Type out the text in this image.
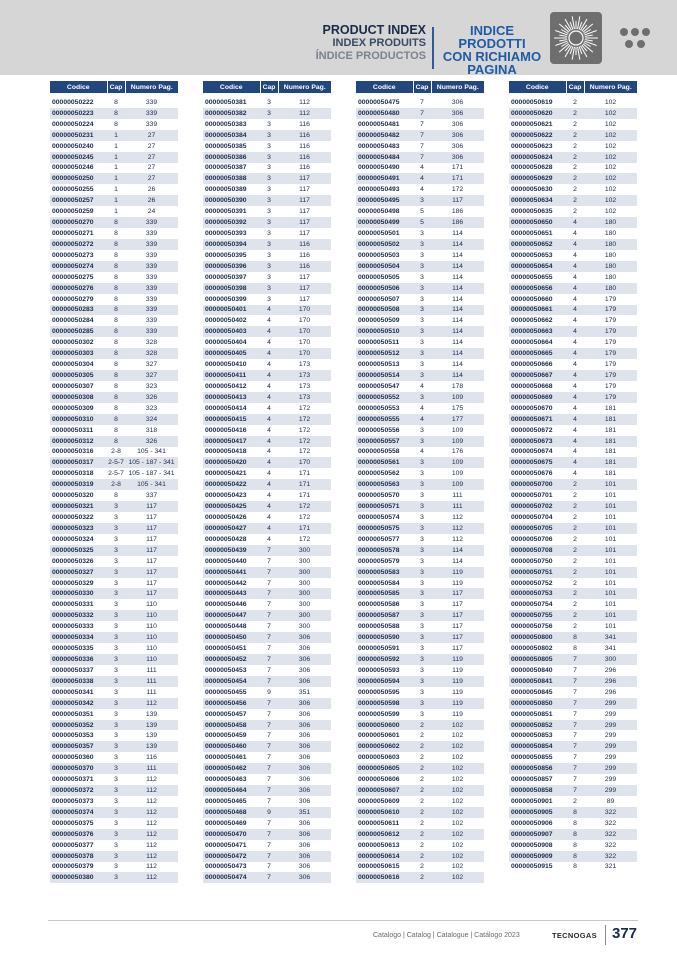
PRODUCT INDEX
INDEX PRODUITS
ÍNDICE PRODUCTOS
INDICE PRODOTTI
CON RICHIAMO
PAGINA
Codice	Cap	Numero Pag.

00000050222	8	339
00000050223	8	339
00000050224	8	339
00000050231	1	27
00000050240	1	27
00000050245	1	27
00000050246	1	27
00000050250	1	27
00000050255	1	26
00000050257	1	26
00000050259	1	24
00000050270	8	339
00000050271	8	339
00000050272	8	339
00000050273	8	339
00000050274	8	339
00000050275	8	339
00000050276	8	339
00000050279	8	339
00000050283	8	339
00000050284	8	339
00000050285	8	339
00000050302	8	328
00000050303	8	328
00000050304	8	327
00000050305	8	327
00000050307	8	323
00000050308	8	326
00000050309	8	323
00000050310	8	324
00000050311	8	318
00000050312	8	326
00000050316	2-8	105 - 341
00000050317	2-5-7	105 - 187 - 341
00000050318	2-5-7	105 - 187 - 341
00000050319	2-8	105 - 341
00000050320	8	337
00000050321	3	117
00000050322	3	117
00000050323	3	117
00000050324	3	117
00000050325	3	117
00000050326	3	117
00000050327	3	117
00000050329	3	117
00000050330	3	117
00000050331	3	110
00000050332	3	110
00000050333	3	110
00000050334	3	110
00000050335	3	110
00000050336	3	110
00000050337	3	111
00000050338	3	111
00000050341	3	111
00000050342	3	112
00000050351	3	139
00000050352	3	139
00000050353	3	139
00000050357	3	139
00000050360	3	116
00000050370	3	111
00000050371	3	112
00000050372	3	112
00000050373	3	112
00000050374	3	112
00000050375	3	112
00000050376	3	112
00000050377	3	112
00000050378	3	112
00000050379	3	112
00000050380	3	112
Codice	Cap	Numero Pag.

00000050381	3	112
00000050382	3	112
00000050383	3	116
00000050384	3	116
00000050385	3	116
00000050386	3	116
00000050387	3	116
00000050388	3	117
00000050389	3	117
00000050390	3	117
00000050391	3	117
00000050392	3	117
00000050393	3	117
00000050394	3	116
00000050395	3	116
00000050396	3	116
00000050397	3	117
00000050398	3	117
00000050399	3	117
00000050401	4	170
00000050402	4	170
00000050403	4	170
00000050404	4	170
00000050405	4	170
00000050410	4	173
00000050411	4	173
00000050412	4	173
00000050413	4	173
00000050414	4	172
00000050415	4	172
00000050416	4	172
00000050417	4	172
00000050418	4	172
00000050420	4	170
00000050421	4	171
00000050422	4	171
00000050423	4	171
00000050425	4	172
00000050426	4	172
00000050427	4	171
00000050428	4	172
00000050439	7	300
00000050440	7	300
00000050441	7	300
00000050442	7	300
00000050443	7	300
00000050446	7	300
00000050447	7	300
00000050448	7	300
00000050450	7	306
00000050451	7	306
00000050452	7	306
00000050453	7	306
00000050454	7	306
00000050455	9	351
00000050456	7	306
00000050457	7	306
00000050458	7	306
00000050459	7	306
00000050460	7	306
00000050461	7	306
00000050462	7	306
00000050463	7	306
00000050464	7	306
00000050465	7	306
00000050468	9	351
00000050469	7	306
00000050470	7	306
00000050471	7	306
00000050472	7	306
00000050473	7	306
00000050474	7	306
Codice	Cap	Numero Pag.

00000050475	7	306
00000050480	7	306
00000050481	7	306
00000050482	7	306
00000050483	7	306
00000050484	7	306
00000050490	4	171
00000050491	4	171
00000050493	4	172
00000050495	3	117
00000050498	5	186
00000050499	5	186
00000050501	3	114
00000050502	3	114
00000050503	3	114
00000050504	3	114
00000050505	3	114
00000050506	3	114
00000050507	3	114
00000050508	3	114
00000050509	3	114
00000050510	3	114
00000050511	3	114
00000050512	3	114
00000050513	3	114
00000050514	3	114
00000050547	4	178
00000050552	3	109
00000050553	4	175
00000050555	4	177
00000050556	3	109
00000050557	3	109
00000050558	4	176
00000050561	3	109
00000050562	3	109
00000050563	3	109
00000050570	3	111
00000050571	3	111
00000050574	3	112
00000050575	3	112
00000050577	3	112
00000050578	3	114
00000050579	3	114
00000050583	3	119
00000050584	3	119
00000050585	3	117
00000050586	3	117
00000050587	3	117
00000050588	3	117
00000050590	3	117
00000050591	3	117
00000050592	3	119
00000050593	3	119
00000050594	3	119
00000050595	3	119
00000050598	3	119
00000050599	3	119
00000050600	2	102
00000050601	2	102
00000050602	2	102
00000050603	2	102
00000050605	2	102
00000050606	2	102
00000050607	2	102
00000050609	2	102
00000050610	2	102
00000050611	2	102
00000050612	2	102
00000050613	2	102
00000050614	2	102
00000050615	2	102
00000050616	2	102
Codice	Cap	Numero Pag.

00000050619	2	102
00000050620	2	102
00000050621	2	102
00000050622	2	102
00000050623	2	102
00000050624	2	102
00000050628	2	102
00000050629	2	102
00000050630	2	102
00000050634	2	102
00000050635	2	102
00000050650	4	180
00000050651	4	180
00000050652	4	180
00000050653	4	180
00000050654	4	180
00000050655	4	180
00000050656	4	180
00000050660	4	179
00000050661	4	179
00000050662	4	179
00000050663	4	179
00000050664	4	179
00000050665	4	179
00000050666	4	179
00000050667	4	179
00000050668	4	179
00000050669	4	179
00000050670	4	181
00000050671	4	181
00000050672	4	181
00000050673	4	181
00000050674	4	181
00000050675	4	181
00000050676	4	181
00000050700	2	101
00000050701	2	101
00000050702	2	101
00000050704	2	101
00000050705	2	101
00000050706	2	101
00000050708	2	101
00000050750	2	101
00000050751	2	101
00000050752	2	101
00000050753	2	101
00000050754	2	101
00000050755	2	101
00000050756	2	101
00000050800	8	341
00000050802	8	341
00000050805	7	300
00000050840	7	296
00000050841	7	296
00000050845	7	296
00000050850	7	299
00000050851	7	299
00000050852	7	299
00000050853	7	299
00000050854	7	299
00000050855	7	299
00000050856	7	299
00000050857	7	299
00000050858	7	299
00000050901	2	89
00000050905	8	322
00000050906	8	322
00000050907	8	322
00000050908	8	322
00000050909	8	322
00000050915	8	321
Catalogo | Catalog | Catalogue | Catálogo 2023	TECNOGAS 377
